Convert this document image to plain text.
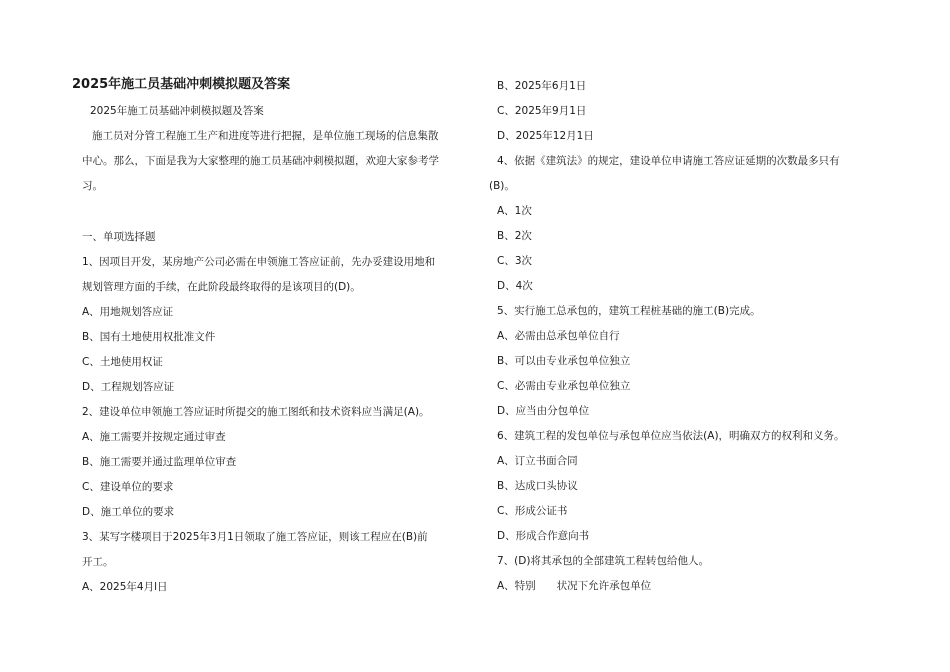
2025年施工员基础冲刺模拟题及答案
2025年施工员基础冲刺模拟题及答案
施工员对分管工程施工生产和进度等进行把握，是单位施工现场的信息集散
中心。那么，下面是我为大家整理的施工员基础冲刺模拟题，欢迎大家参考学
习。
一、单项选择题
1、因项目开发，某房地产公司必需在申领施工答应证前，先办妥建设用地和
规划管理方面的手续，在此阶段最终取得的是该项目的(D)。
A、用地规划答应证
B、国有土地使用权批准文件
C、土地使用权证
D、工程规划答应证
2、建设单位申领施工答应证时所提交的施工图纸和技术资料应当满足(A)。
A、施工需要并按规定通过审查
B、施工需要并通过监理单位审查
C、建设单位的要求
D、施工单位的要求
3、某写字楼项目于2025年3月1日领取了施工答应证，则该工程应在(B)前
开工。
A、2025年4月l日
B、2025年6月1日
C、2025年9月1日
D、2025年12月1日
4、依据《建筑法》的规定，建设单位申请施工答应证延期的次数最多只有
(B)。
A、1次
B、2次
C、3次
D、4次
5、实行施工总承包的，建筑工程桩基础的施工(B)完成。
A、必需由总承包单位自行
B、可以由专业承包单位独立
C、必需由专业承包单位独立
D、应当由分包单位
6、建筑工程的发包单位与承包单位应当依法(A)，明确双方的权利和义务。
A、订立书面合同
B、达成口头协议
C、形成公证书
D、形成合作意向书
7、(D)将其承包的全部建筑工程转包给他人。
A、特别　　状况下允许承包单位
